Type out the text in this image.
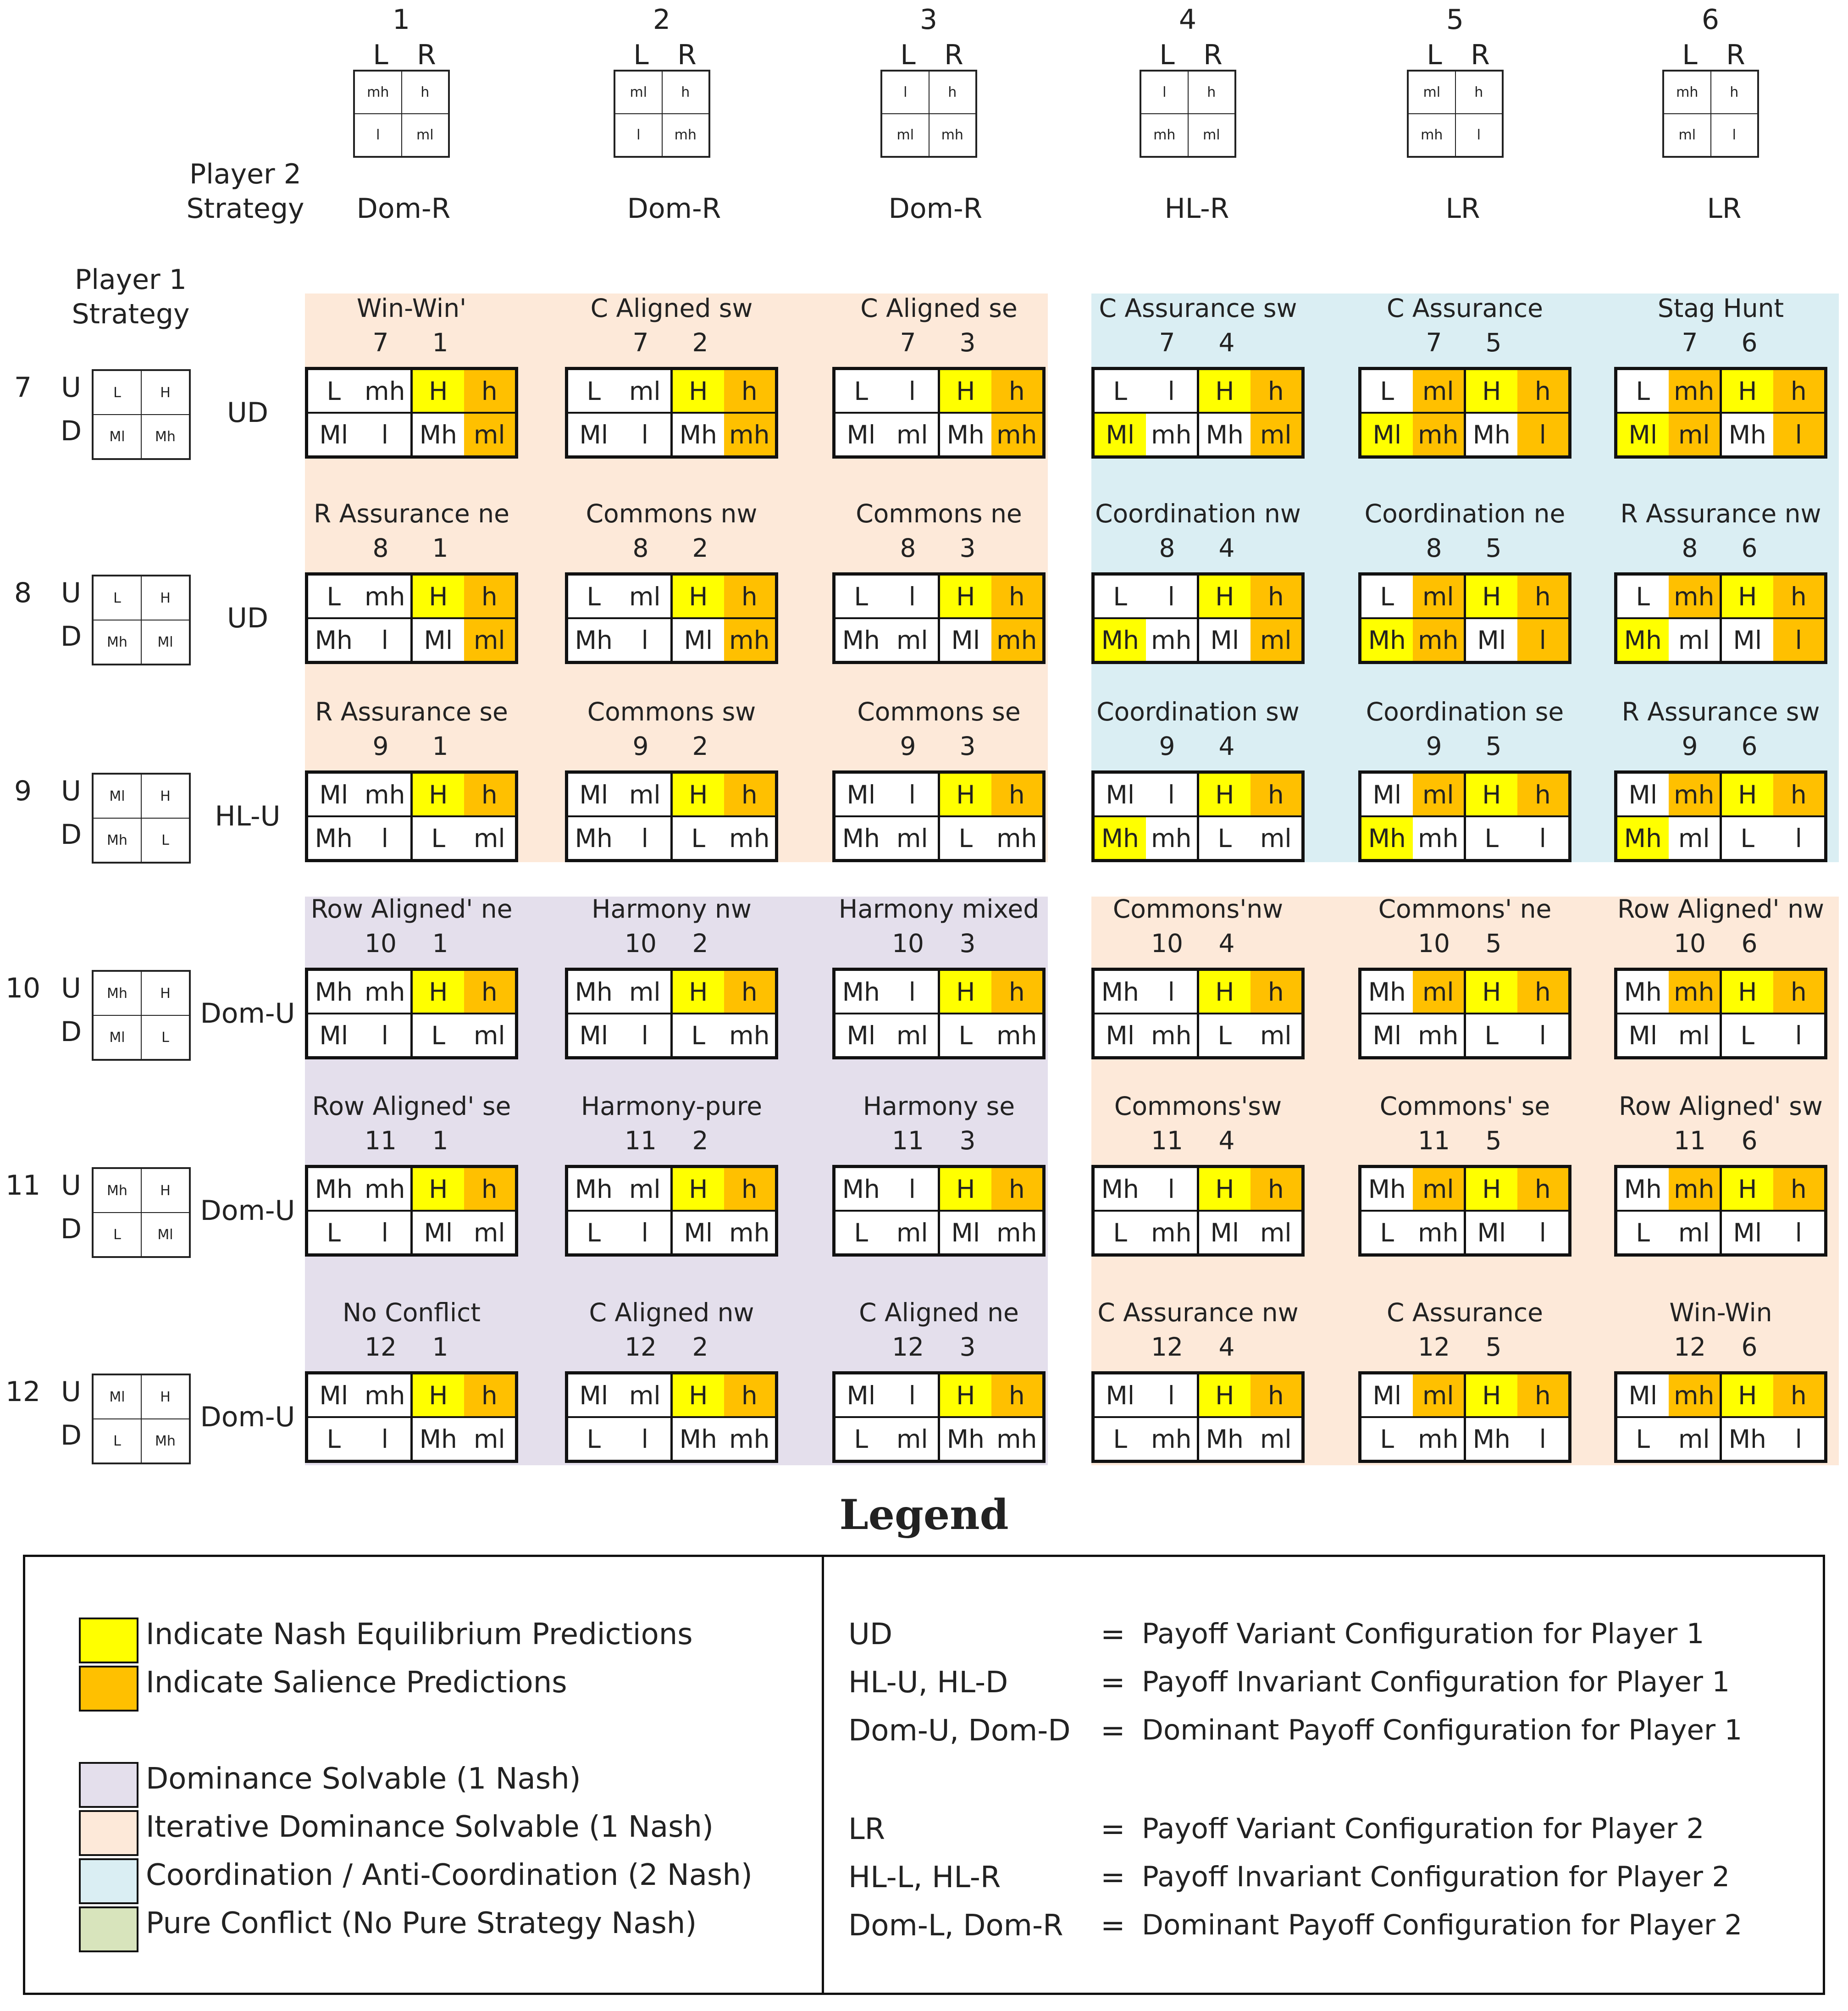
1
L	R
mh	h
l	ml
Dom-R
2
L	R
ml	h
l	mh
Dom-R
3
L	R
l	h
ml	mh
Dom-R
4
L	R
l	h
mh	ml
HL-R
5
L	R
ml	h
mh	l
LR
6
L	R
mh	h
ml	l
LR
Player 2
Strategy
Player 1
Strategy
7	U
D
L	H
Ml	Mh
UD
8	U
D
L	H
Mh	Ml
UD
9	U
D
Ml	H
Mh	L
HL-U
10 U
D
Mh	H
Ml	L
Dom-U
11 U
D
Mh	H
L	Ml
Dom-U
12 U
D
Ml	H
L	Mh
Dom-U
Win-Win'
7	1
L mh H	h
Ml	l	Mh ml
C Aligned sw
7	2
L	ml	H	h
Ml	l	Mh mh
C Aligned se
7	3
L	l	H	h
Ml ml Mh mh
C Assurance sw
7	4
L	l	H	h
Ml mh Mh ml
C Assurance
7	5
L	ml	H	h
Ml mh Mh	l
Stag Hunt
7	6
L mh H	h
Ml ml Mh	l
R Assurance ne
8	1
L mh H	h
Mh	l	Ml ml
Commons nw
8	2
L	ml	H	h
Mh	l	Ml mh
Commons ne
8	3
L	l	H	h
Mh ml Ml mh
Coordination nw
8	4
L	l	H	h
Mh mh Ml ml
Coordination ne
8	5
L	ml	H	h
Mh mh Ml	l
R Assurance nw
8	6
L mh H	h
Mh ml Ml	l
R Assurance se
9	1
Ml mh H	h
Mh	l	L	ml
Commons sw
9	2
Ml ml	H	h
Mh	l	L mh
Commons se
9	3
Ml	l	H	h
Mh ml	L mh
Coordination sw
9	4
Ml	l	H	h
Mh mh	L	ml
Coordination se
9	5
Ml ml	H	h
Mh mh	L	l
R Assurance sw
9	6
Ml mh H	h
Mh ml	L	l
Row Aligned' ne
10	1
Mh mh H	h
Ml	l	L	ml
Harmony nw
10	2
Mh ml	H	h
Ml	l	L mh
Harmony mixed
10	3
Mh	l	H	h
Ml ml	L mh
Commons'nw
10	4
Mh	l	H	h
Ml mh	L	ml
Commons' ne
10	5
Mh ml	H	h
Ml mh	L	l
Row Aligned' nw
10	6
Mh mh H	h
Ml ml	L	l
Row Aligned' se
11	1
Mh mh H	h
L	l	Ml ml
Harmony-pure
11	2
Mh ml	H	h
L	l	Ml mh
Harmony se
11	3
Mh	l	H	h
L	ml Ml mh
Commons'sw
11	4
Mh	l	H	h
L mh Ml ml
Commons' se
11	5
Mh ml	H	h
L mh Ml	l
Row Aligned' sw
11	6
Mh mh H	h
L	ml Ml	l
No Conflict
12	1
Ml mh H	h
L	l	Mh ml
C Aligned nw
12	2
Ml ml	H	h
L	l	Mh mh
C Aligned ne
12	3
Ml	l	H	h
L	ml Mh mh
C Assurance nw
12	4
Ml	l	H	h
L mh Mh ml
C Assurance
12	5
Ml ml	H	h
L mh Mh	l
Win-Win
12	6
Ml mh H	h
L	ml Mh	l
Legend
Indicate Nash Equilibrium Predictions
Indicate Salience Predictions
Dominance Solvable (1 Nash)
Iterative Dominance Solvable (1 Nash)
Coordination / Anti-Coordination (2 Nash)
Pure Conflict (No Pure Strategy Nash)
UD	= Payoff Variant Configuration for Player 1
HL-U, HL-D	= Payoff Invariant Configuration for Player 1
Dom-U, Dom-D = Dominant Payoff Configuration for Player 1
LR	= Payoff Variant Configuration for Player 2
HL-L, HL-R	= Payoff Invariant Configuration for Player 2
Dom-L, Dom-R = Dominant Payoff Configuration for Player 2
